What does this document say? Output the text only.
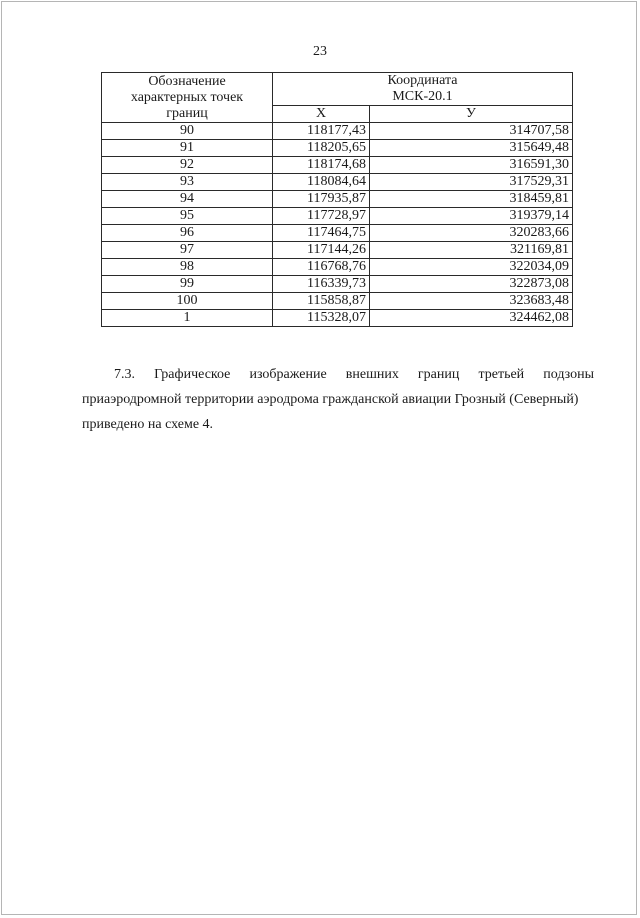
23
Обозначение
характерных точек
границ	Координата
МСК-20.1	

	X	У
90	118177,43	314707,58
91	118205,65	315649,48
92	118174,68	316591,30
93	118084,64	317529,31
94	117935,87	318459,81
95	117728,97	319379,14
96	117464,75	320283,66
97	117144,26	321169,81
98	116768,76	322034,09
99	116339,73	322873,08
100	115858,87	323683,48
1	115328,07	324462,08
7.3. Графическое изображение внешних границ третьей подзоны
приаэродромной территории аэродрома гражданской авиации Грозный (Северный)
приведено на схеме 4.
